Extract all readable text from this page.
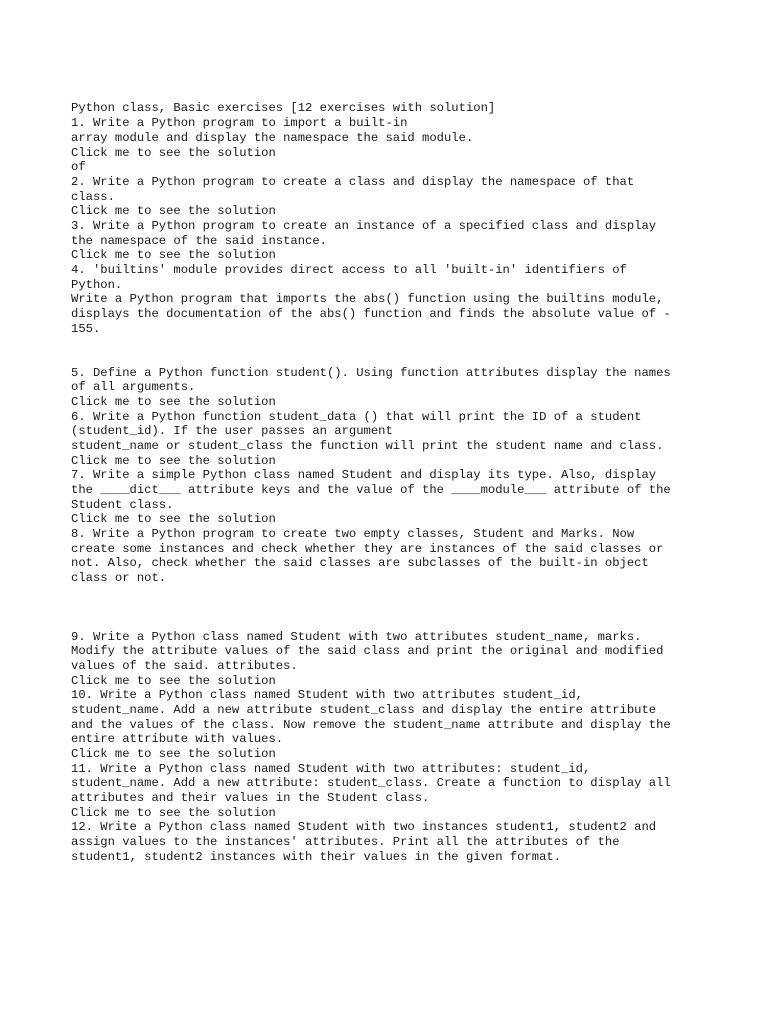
Python class, Basic exercises [12 exercises with solution]
1. Write a Python program to import a built-in
array module and display the namespace the said module.
Click me to see the solution
of
2. Write a Python program to create a class and display the namespace of that
class.
Click me to see the solution
3. Write a Python program to create an instance of a specified class and display
the namespace of the said instance.
Click me to see the solution
4. 'builtins' module provides direct access to all 'built-in' identifiers of
Python.
Write a Python program that imports the abs() function using the builtins module,
displays the documentation of the abs() function and finds the absolute value of -
155.
5. Define a Python function student(). Using function attributes display the names
of all arguments.
Click me to see the solution
6. Write a Python function student_data () that will print the ID of a student
(student_id). If the user passes an argument
student_name or student_class the function will print the student name and class.
Click me to see the solution
7. Write a simple Python class named Student and display its type. Also, display
the ____dict___ attribute keys and the value of the ____module___ attribute of the
Student class.
Click me to see the solution
8. Write a Python program to create two empty classes, Student and Marks. Now
create some instances and check whether they are instances of the said classes or
not. Also, check whether the said classes are subclasses of the built-in object
class or not.
9. Write a Python class named Student with two attributes student_name, marks.
Modify the attribute values of the said class and print the original and modified
values of the said. attributes.
Click me to see the solution
10. Write a Python class named Student with two attributes student_id,
student_name. Add a new attribute student_class and display the entire attribute
and the values of the class. Now remove the student_name attribute and display the
entire attribute with values.
Click me to see the solution
11. Write a Python class named Student with two attributes: student_id,
student_name. Add a new attribute: student_class. Create a function to display all
attributes and their values in the Student class.
Click me to see the solution
12. Write a Python class named Student with two instances student1, student2 and
assign values to the instances' attributes. Print all the attributes of the
student1, student2 instances with their values in the given format.
